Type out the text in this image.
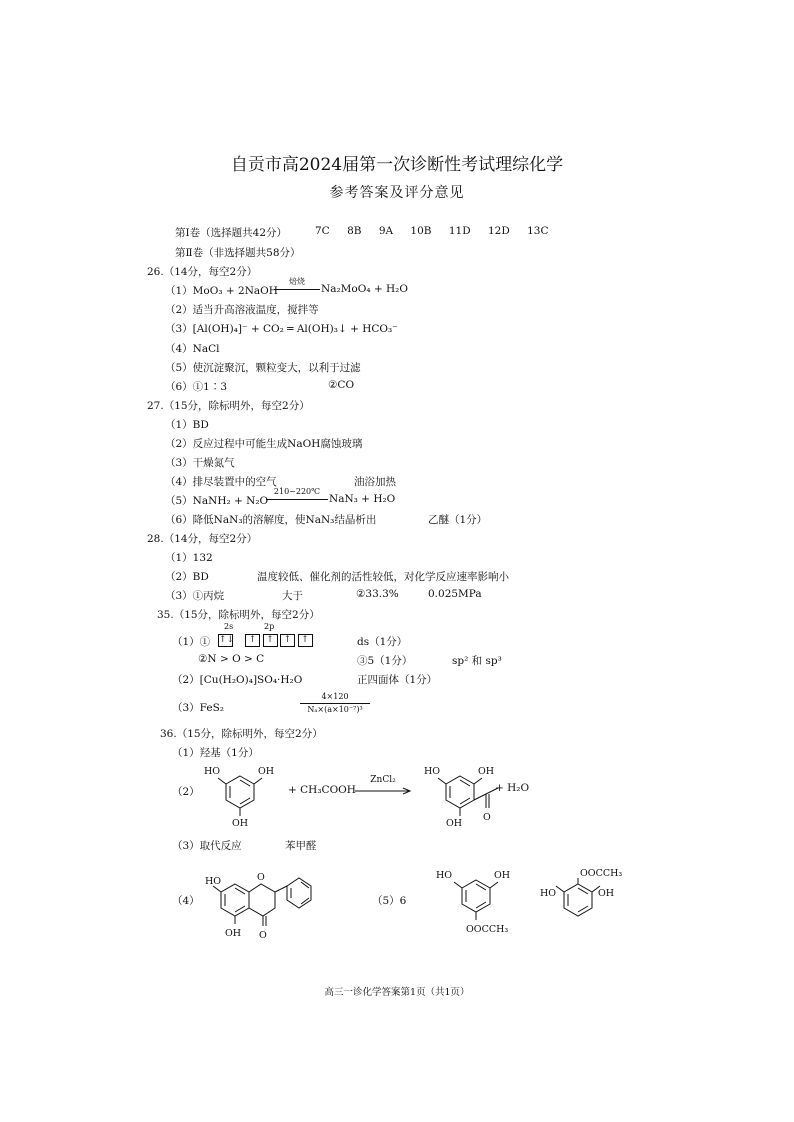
自贡市高2024届第一次诊断性考试理综化学
参考答案及评分意见
第Ⅰ卷（选择题共42分）	7C 8B 9A 10B 11D 12D 13C
第Ⅱ卷（非选择题共58分）
26.（14分，每空2分）
（1）MoO₃ + 2NaOH
焙烧
Na₂MoO₄ + H₂O
（2）适当升高溶液温度，搅拌等
（3）[Al(OH)₄]⁻ + CO₂ ═ Al(OH)₃↓ + HCO₃⁻
（4）NaCl
（5）使沉淀聚沉，颗粒变大，以利于过滤
（6）①1∶3	②CO
27.（15分，除标明外，每空2分）
（1）BD
（2）反应过程中可能生成NaOH腐蚀玻璃
（3）干燥氮气
（4）排尽装置中的空气	油浴加热
（5）NaNH₂ + N₂O
210~220℃
NaN₃ + H₂O
（6）降低NaN₃的溶解度，使NaN₃结晶析出	乙醚（1分）
28.（14分，每空2分）
（1）132
（2）BD	温度较低、催化剂的活性较低，对化学反应速率影响小
（3）①丙烷	大于	②33.3%	0.025MPa
35.（15分，除标明外，每空2分）
2s	2p
（1）① ↑↓ ↑ ↑ ↑ ↑	ds（1分）
②N > O > C	③5（1分）	sp² 和 sp³
（2）[Cu(H₂O)₄]SO₄·H₂O	正四面体（1分）
（3）FeS₂
4×120
Nₐ×(a×10⁻⁷)³
36.（15分，除标明外，每空2分）
（1）羟基（1分）
（2）
HO	OH
OH
+ CH₃COOH
ZnCl₂
HO	OH
OH
O
+ H₂O
（3）取代反应	苯甲醛
（4）
HO	O
OH O
（5）6
HO	OH
OOCCH₃
OOCCH₃
HO	OH
高三一诊化学答案第1页（共1页）
